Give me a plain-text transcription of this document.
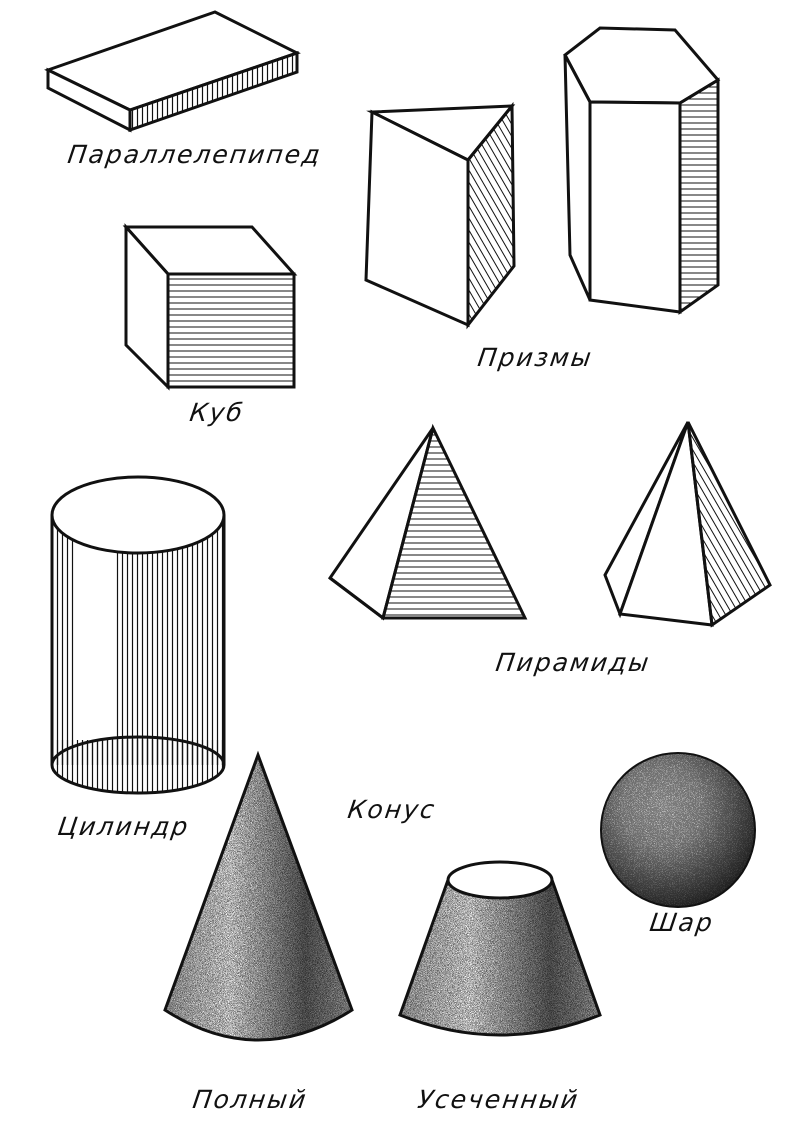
Параллелепипед
Куб
Призмы
Пирамиды
Цилиндр
Конус
Полный	Усеченный
Шар
